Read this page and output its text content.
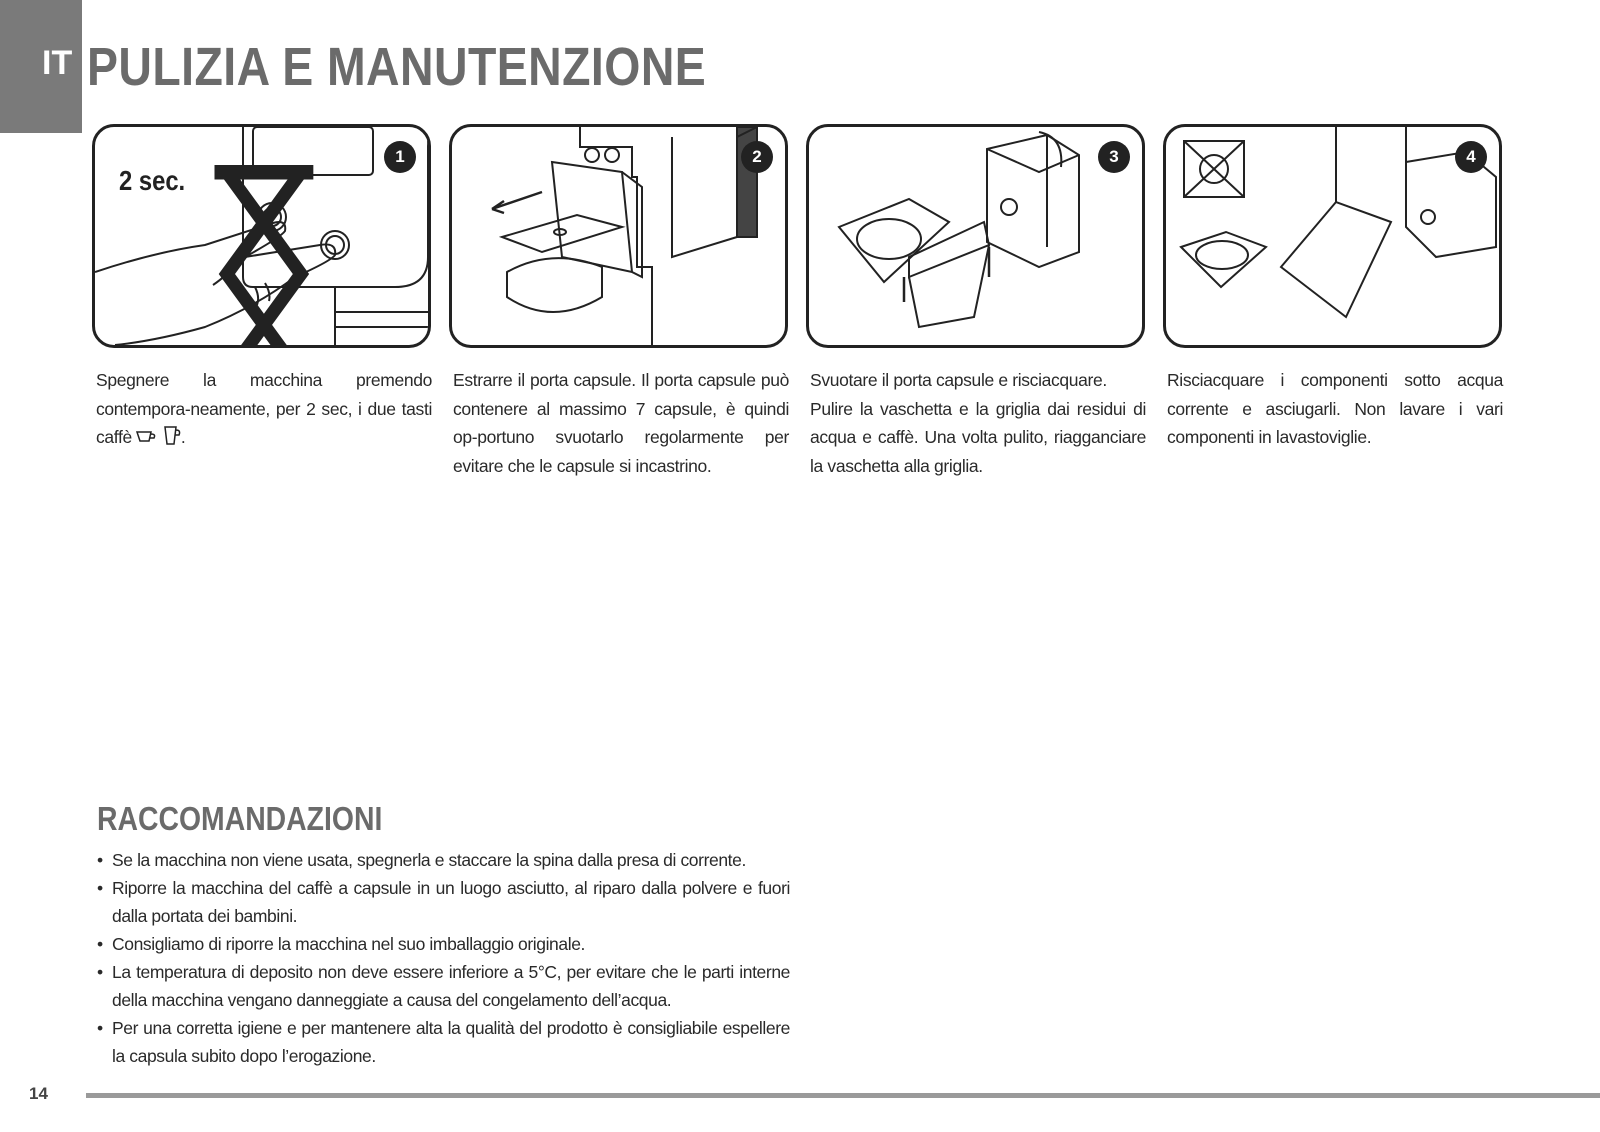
IT PULIZIA E MANUTENZIONE
2 sec.
1	2	3	4

Spegnere la macchina premendo contempora-neamente, per 2 sec, i due tasti caffè	.

Estrarre il porta capsule. Il porta capsule può contenere al massimo 7 capsule, è quindi op-portuno svuotarlo regolarmente per evitare che le capsule si incastrino.

Svuotare il porta capsule e risciacquare.

Pulire la vaschetta e la griglia dai residui di acqua e caffè. Una volta pulito, riagganciare la vaschetta alla griglia.

Risciacquare i componenti sotto acqua corrente e asciugarli. Non lavare i vari componenti in lavastoviglie.

RACCOMANDAZIONI
• Se la macchina non viene usata, spegnerla e staccare la spina dalla presa di corrente.
• Riporre la macchina del caffè a capsule in un luogo asciutto, al riparo dalla polvere e fuori dalla portata dei bambini.
• Consigliamo di riporre la macchina nel suo imballaggio originale.
• La temperatura di deposito non deve essere inferiore a 5°C, per evitare che le parti interne della macchina vengano danneggiate a causa del congelamento dell’acqua.
• Per una corretta igiene e per mantenere alta la qualità del prodotto è consigliabile espellere la capsula subito dopo l’erogazione.
14
